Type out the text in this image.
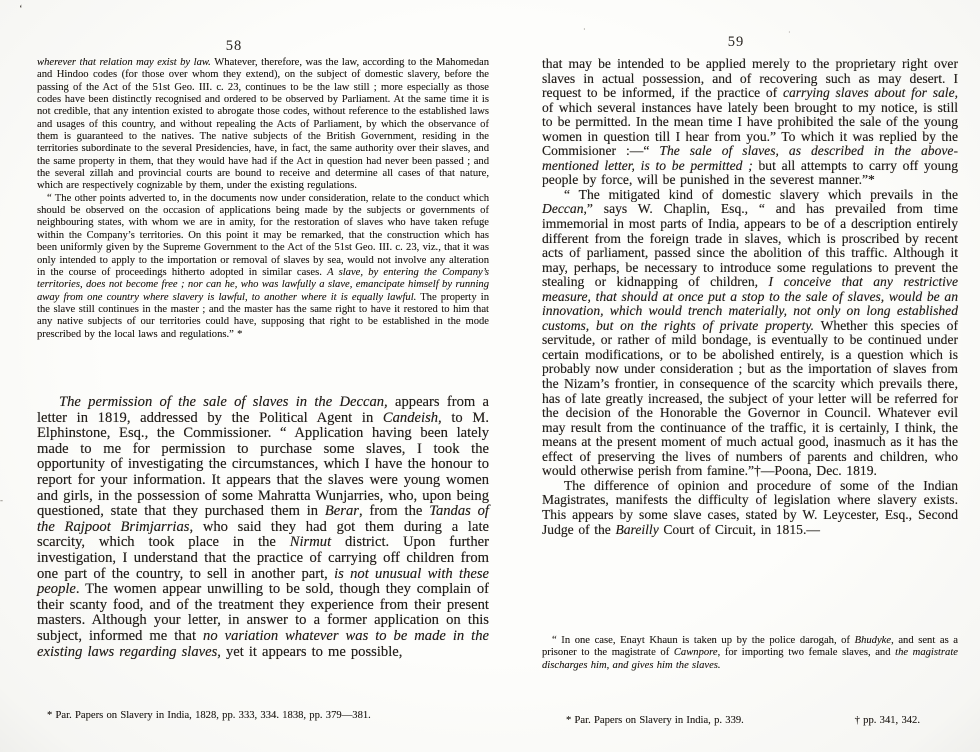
‘
·	·
-
58

wherever that relation may exist by law. Whatever, therefore, was the law, according to the Mahomedan and Hindoo codes (for those over whom they extend), on the subject of domestic slavery, before the passing of the Act of the 51st Geo. III. c. 23, continues to be the law still ; more especially as those codes have been distinctly recognised and ordered to be observed by Parliament. At the same time it is not credible, that any intention existed to abrogate those codes, without reference to the established laws and usages of this country, and without repealing the Acts of Parliament, by which the observance of them is guaranteed to the natives. The native subjects of the British Government, residing in the territories subordinate to the several Presidencies, have, in fact, the same authority over their slaves, and the same property in them, that they would have had if the Act in question had never been passed ; and the several zillah and provincial courts are bound to receive and determine all cases of that nature, which are respectively cognizable by them, under the existing regulations.

“ The other points adverted to, in the documents now under consideration, relate to the conduct which should be observed on the occasion of applications being made by the subjects or governments of neighbouring states, with whom we are in amity, for the restoration of slaves who have taken refuge within the Company’s territories. On this point it may be remarked, that the construction which has been uniformly given by the Supreme Government to the Act of the 51st Geo. III. c. 23, viz., that it was only intended to apply to the importation or removal of slaves by sea, would not involve any alteration in the course of proceedings hitherto adopted in similar cases. A slave, by entering the Company’s territories, does not become free ; nor can he, who was lawfully a slave, emancipate himself by running away from one country where slavery is lawful, to another where it is equally lawful. The property in the slave still continues in the master ; and the master has the same right to have it restored to him that any native subjects of our territories could have, supposing that right to be established in the mode prescribed by the local laws and regulations.” *

The permission of the sale of slaves in the Deccan, appears from a letter in 1819, addressed by the Political Agent in Candeish, to M. Elphinstone, Esq., the Commissioner. “ Application having been lately made to me for permission to purchase some slaves, I took the opportunity of investigating the circumstances, which I have the honour to report for your information. It appears that the slaves were young women and girls, in the possession of some Mahratta Wunjarries, who, upon being questioned, state that they purchased them in Berar, from the Tandas of the Rajpoot Brimjarrias, who said they had got them during a late scarcity, which took place in the Nirmut district. Upon further investigation, I understand that the practice of carrying off children from one part of the country, to sell in another part, is not unusual with these people. The women appear unwilling to be sold, though they complain of their scanty food, and of the treatment they experience from their present masters. Although your letter, in answer to a former application on this subject, informed me that no variation whatever was to be made in the existing laws regarding slaves, yet it appears to me possible,

* Par. Papers on Slavery in India, 1828, pp. 333, 334. 1838, pp. 379—381.

59

that may be intended to be applied merely to the proprietary right over slaves in actual possession, and of recovering such as may desert. I request to be informed, if the practice of carrying slaves about for sale, of which several instances have lately been brought to my notice, is still to be permitted. In the mean time I have prohibited the sale of the young women in question till I hear from you.” To which it was replied by the Commisioner :—“ The sale of slaves, as described in the above-mentioned letter, is to be permitted ; but all attempts to carry off young people by force, will be punished in the severest manner.”*

“ The mitigated kind of domestic slavery which prevails in the Deccan,” says W. Chaplin, Esq., “ and has prevailed from time immemorial in most parts of India, appears to be of a description entirely different from the foreign trade in slaves, which is proscribed by recent acts of parliament, passed since the abolition of this traffic. Although it may, perhaps, be necessary to introduce some regulations to prevent the stealing or kidnapping of children, I conceive that any restrictive measure, that should at once put a stop to the sale of slaves, would be an innovation, which would trench materially, not only on long established customs, but on the rights of private property. Whether this species of servitude, or rather of mild bondage, is eventually to be continued under certain modifications, or to be abolished entirely, is a question which is probably now under consideration ; but as the importation of slaves from the Nizam’s frontier, in consequence of the scarcity which prevails there, has of late greatly increased, the subject of your letter will be referred for the decision of the Honorable the Governor in Council. Whatever evil may result from the continuance of the traffic, it is certainly, I think, the means at the present moment of much actual good, inasmuch as it has the effect of preserving the lives of numbers of parents and children, who would otherwise perish from famine.”†—Poona, Dec. 1819.

The difference of opinion and procedure of some of the Indian Magistrates, manifests the difficulty of legislation where slavery exists. This appears by some slave cases, stated by W. Leycester, Esq., Second Judge of the Bareilly Court of Circuit, in 1815.—

“ In one case, Enayt Khaun is taken up by the police darogah, of Bhudyke, and sent as a prisoner to the magistrate of Cawnpore, for importing two female slaves, and the magistrate discharges him, and gives him the slaves.

* Par. Papers on Slavery in India, p. 339.	† pp. 341, 342.
